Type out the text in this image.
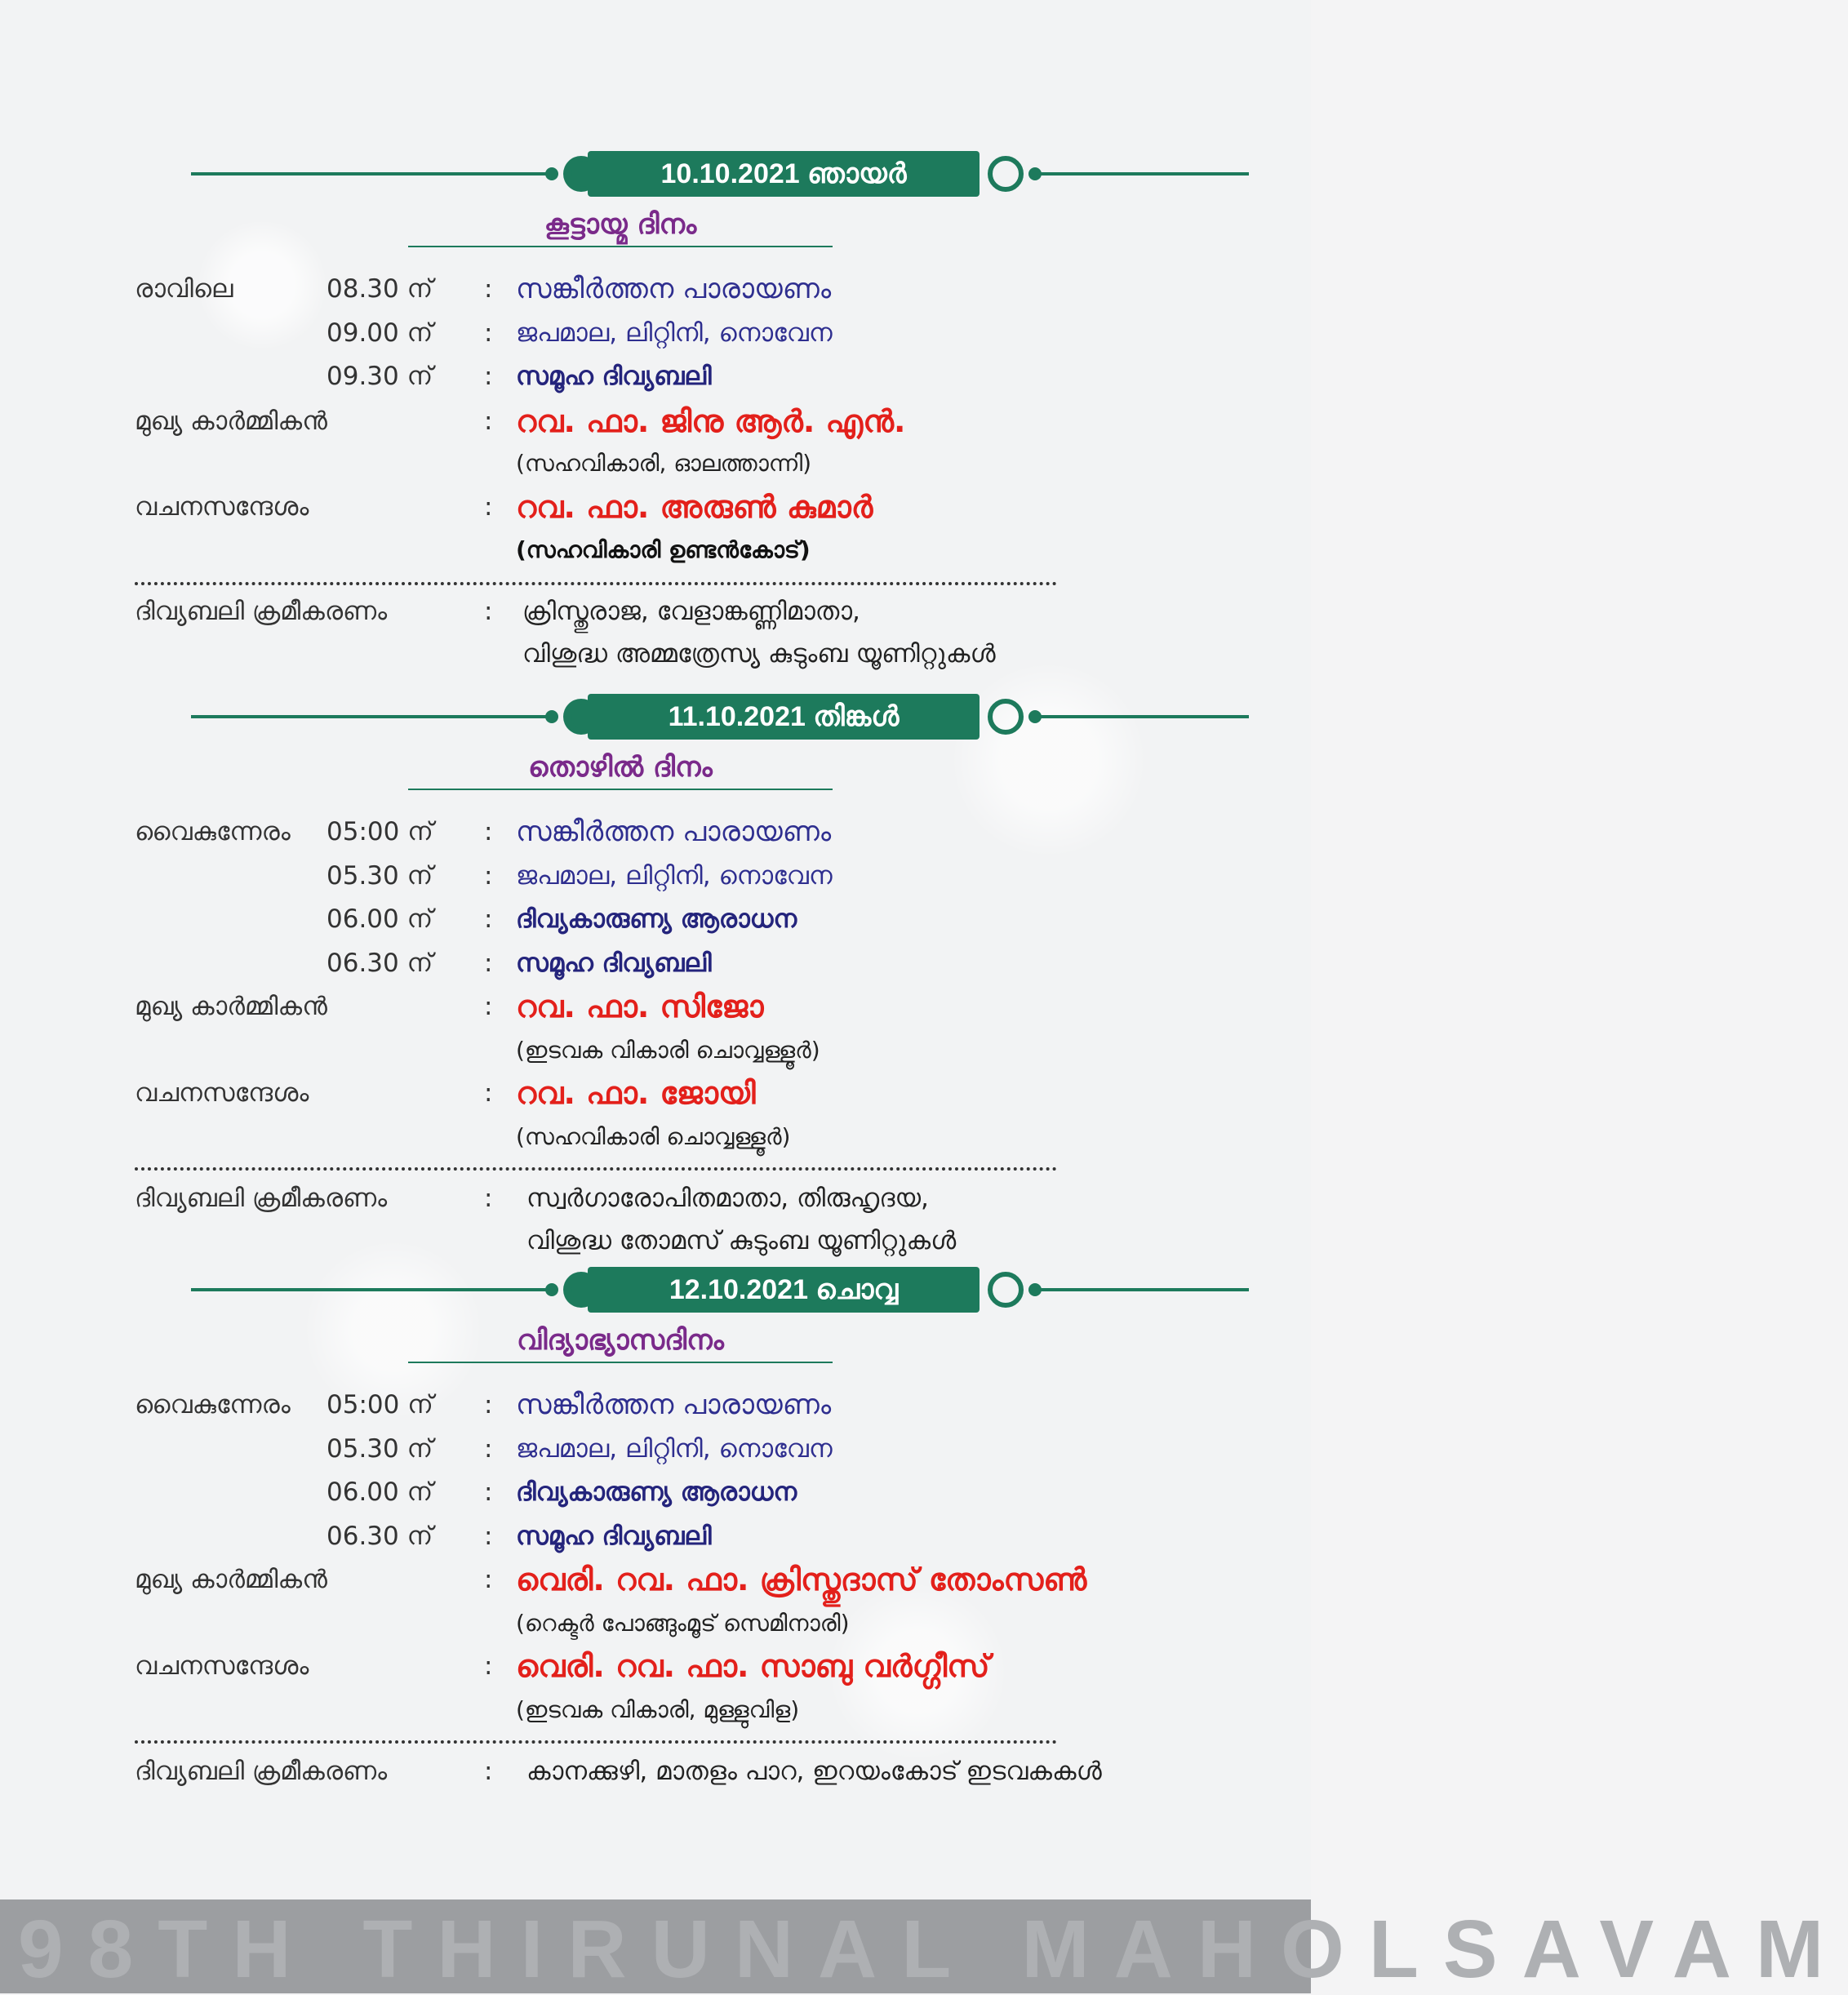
10.10.2021 ഞായർ
കൂട്ടായ്മ ദിനം
രാവിലെ	08.30 ന് : സങ്കീർത്തന പാരായണം
09.00 ന് : ജപമാല, ലിറ്റിനി, നൊവേന
09.30 ന് : സമൂഹ ദിവ്യബലി
മുഖ്യ കാർമ്മികൻ	: റവ. ഫാ. ജിനു ആർ. എൻ.
(സഹവികാരി, ഓലത്താന്നി)
വചനസന്ദേശം	: റവ. ഫാ. അരുൺ കുമാർ
(സഹവികാരി ഉണ്ടൻകോട്)
ദിവ്യബലി ക്രമീകരണം	: ക്രിസ്തുരാജ, വേളാങ്കണ്ണിമാതാ,
വിശുദ്ധ അമ്മത്രേസ്യ കുടുംബ യൂണിറ്റുകൾ
11.10.2021 തിങ്കൾ
തൊഴിൽ ദിനം
വൈകുന്നേരം 05:00 ന് : സങ്കീർത്തന പാരായണം
05.30 ന് : ജപമാല, ലിറ്റിനി, നൊവേന
06.00 ന് : ദിവ്യകാരുണ്യ ആരാധന
06.30 ന് : സമൂഹ ദിവ്യബലി
മുഖ്യ കാർമ്മികൻ	: റവ. ഫാ. സിജോ
(ഇടവക വികാരി ചൊവ്വള്ളൂർ)
വചനസന്ദേശം	: റവ. ഫാ. ജോയി
(സഹവികാരി ചൊവ്വള്ളൂർ)
ദിവ്യബലി ക്രമീകരണം	: സ്വർഗാരോപിതമാതാ, തിരുഹൃദയ,
വിശുദ്ധ തോമസ് കുടുംബ യൂണിറ്റുകൾ
12.10.2021 ചൊവ്വ
വിദ്യാഭ്യാസദിനം
വൈകുന്നേരം 05:00 ന് : സങ്കീർത്തന പാരായണം
05.30 ന് : ജപമാല, ലിറ്റിനി, നൊവേന
06.00 ന് : ദിവ്യകാരുണ്യ ആരാധന
06.30 ന് : സമൂഹ ദിവ്യബലി
മുഖ്യ കാർമ്മികൻ	: വെരി. റവ. ഫാ. ക്രിസ്തുദാസ് തോംസൺ
(റെക്ടർ പോങ്ങുംമൂട് സെമിനാരി)
വചനസന്ദേശം	: വെരി. റവ. ഫാ. സാബു വർഗ്ഗീസ്
(ഇടവക വികാരി, മുള്ളുവിള)
ദിവ്യബലി ക്രമീകരണം	: കാനക്കുഴി, മാതളം പാറ, ഇറയംകോട് ഇടവകകൾ
98TH THIRUNAL MAHOLSAVAM
